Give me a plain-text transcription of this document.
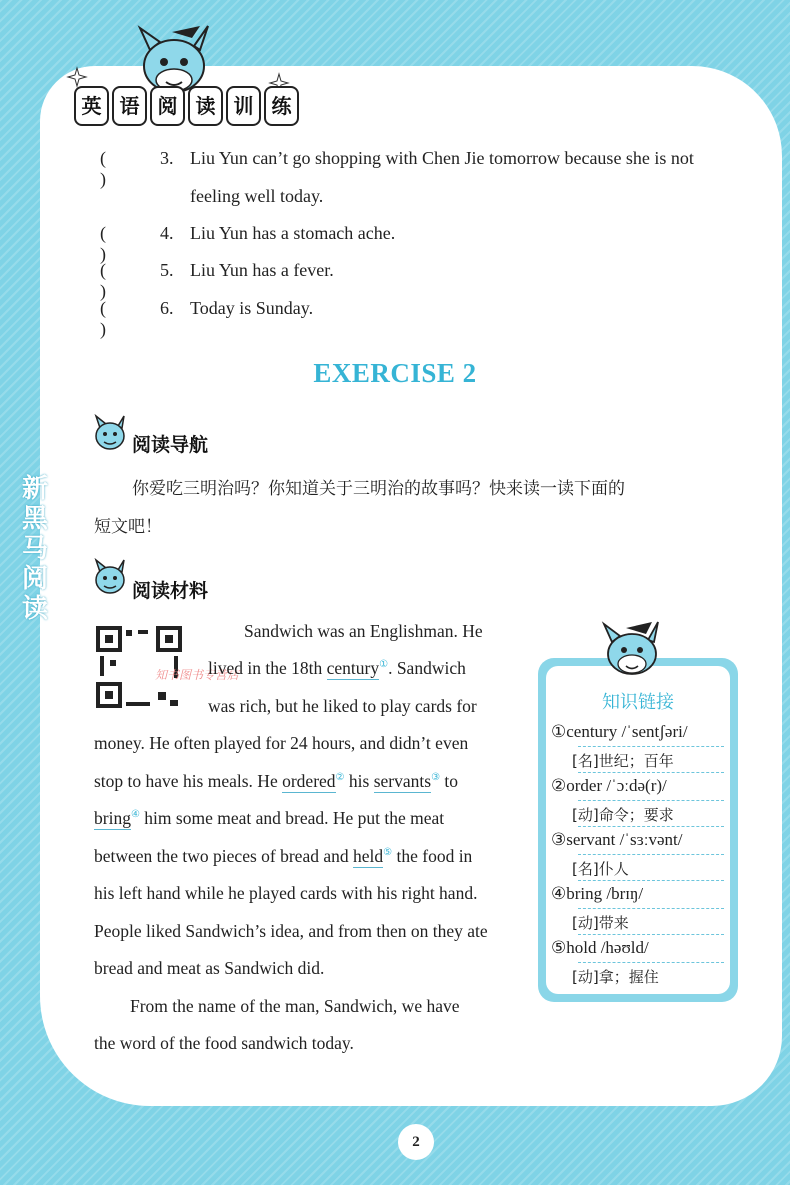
英 语 阅 读 训 练
新黑马阅读
( )
3. Liu Yun can’t go shopping with Chen Jie tomorrow because she is not
feeling well today.
( )
4. Liu Yun has a stomach ache.
( )
5. Liu Yun has a fever.
( )
6. Today is Sunday.
EXERCISE 2
阅读导航
你爱吃三明治吗？你知道关于三明治的故事吗？快来读一读下面的
短文吧！
阅读材料
知书图书专营店
Sandwich was an Englishman. He
lived in the 18th century①. Sandwich
was rich, but he liked to play cards for
money. He often played for 24 hours, and didn’t even
stop to have his meals. He ordered② his servants③ to
bring④ him some meat and bread. He put the meat
between the two pieces of bread and held⑤ the food in
his left hand while he played cards with his right hand.
People liked Sandwich’s idea, and from then on they ate
bread and meat as Sandwich did.
From the name of the man, Sandwich, we have
the word of the food sandwich today.
知识链接
①century /ˈsentʃəri/
[名]世纪；百年
②order /ˈɔːdə(r)/
[动]命令；要求
③servant /ˈsɜːvənt/
[名]仆人
④bring /brɪŋ/
[动]带来
⑤hold /həʊld/
[动]拿；握住
2
